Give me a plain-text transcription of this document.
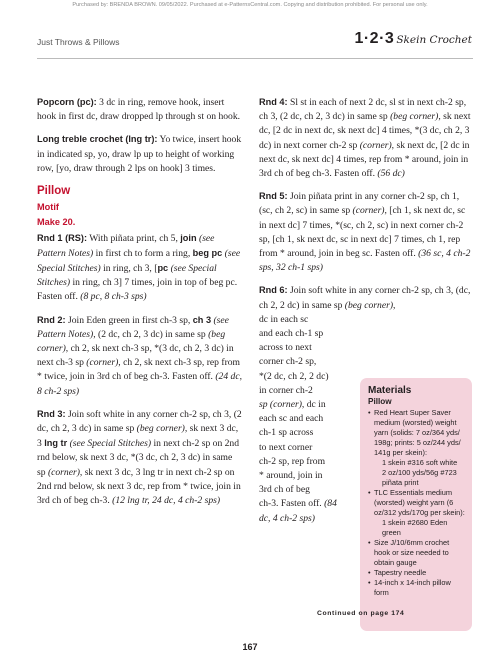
Purchased by: BRENDA BROWN. 09/05/2022. Purchased at e-PatternsCentral.com. Copying and distribution prohibited. For personal use only.
Just Throws & Pillows	1·2·3 Skein Crochet

Popcorn (pc): 3 dc in ring, remove hook, insert hook in first dc, draw dropped lp through st on hook.

Long treble crochet (lng tr): Yo twice, insert hook in indicated sp, yo, draw lp up to height of working row, [yo, draw through 2 lps on hook] 3 times.

Pillow
Motif
Make 20.

Rnd 1 (RS): With piñata print, ch 5, join (see Pattern Notes) in first ch to form a ring, beg pc (see Special Stitches) in ring, ch 3, [pc (see Special Stitches) in ring, ch 3] 7 times, join in top of beg pc. Fasten off. (8 pc, 8 ch-3 sps)

Rnd 2: Join Eden green in first ch-3 sp, ch 3 (see Pattern Notes), (2 dc, ch 2, 3 dc) in same sp (beg corner), ch 2, sk next ch-3 sp, *(3 dc, ch 2, 3 dc) in next ch-3 sp (corner), ch 2, sk next ch-3 sp, rep from * twice, join in 3rd ch of beg ch-3. Fasten off. (24 dc, 8 ch-2 sps)

Rnd 3: Join soft white in any corner ch-2 sp, ch 3, (2 dc, ch 2, 3 dc) in same sp (beg corner), sk next 3 dc, 3 lng tr (see Special Stitches) in next ch-2 sp on 2nd rnd below, sk next 3 dc, *(3 dc, ch 2, 3 dc) in same sp (corner), sk next 3 dc, 3 lng tr in next ch-2 sp on 2nd rnd below, sk next 3 dc, rep from * twice, join in 3rd ch of beg ch-3. (12 lng tr, 24 dc, 4 ch-2 sps)

Rnd 4: Sl st in each of next 2 dc, sl st in next ch-2 sp, ch 3, (2 dc, ch 2, 3 dc) in same sp (beg corner), sk next dc, [2 dc in next dc, sk next dc] 4 times, *(3 dc, ch 2, 3 dc) in next corner ch-2 sp (corner), sk next dc, [2 dc in next dc, sk next dc] 4 times, rep from * around, join in 3rd ch of beg ch-3. Fasten off. (56 dc)

Rnd 5: Join piñata print in any corner ch-2 sp, ch 1, (sc, ch 2, sc) in same sp (corner), [ch 1, sk next dc, sc in next dc] 7 times, *(sc, ch 2, sc) in next corner ch-2 sp, [ch 1, sk next dc, sc in next dc] 7 times, ch 1, rep from * around, join in beg sc. Fasten off. (36 sc, 4 ch-2 sps, 32 ch-1 sps)

Rnd 6: Join soft white in any corner ch-2 sp, ch 3, (dc, ch 2, 2 dc) in same sp (beg corner),

dc in each sc
and each ch-1 sp
across to next
corner ch-2 sp,
*(2 dc, ch 2, 2 dc)
in corner ch-2
sp (corner), dc in
each sc and each
ch-1 sp across
to next corner
ch-2 sp, rep from
* around, join in
3rd ch of beg
ch-3. Fasten off. (84
dc, 4 ch-2 sps)
Materials
Pillow
• Red Heart Super Saver medium (worsted) weight yarn (solids: 7 oz/364 yds/ 198g; prints: 5 oz/244 yds/ 141g per skein):
1 skein #316 soft white
2 oz/100 yds/56g #723 piñata print
• TLC Essentials medium (worsted) weight yarn (6 oz/312 yds/170g per skein):
1 skein #2680 Eden green
• Size J/10/6mm crochet hook or size needed to obtain gauge
• Tapestry needle
• 14-inch x 14-inch pillow form
Continued on page 174
167
